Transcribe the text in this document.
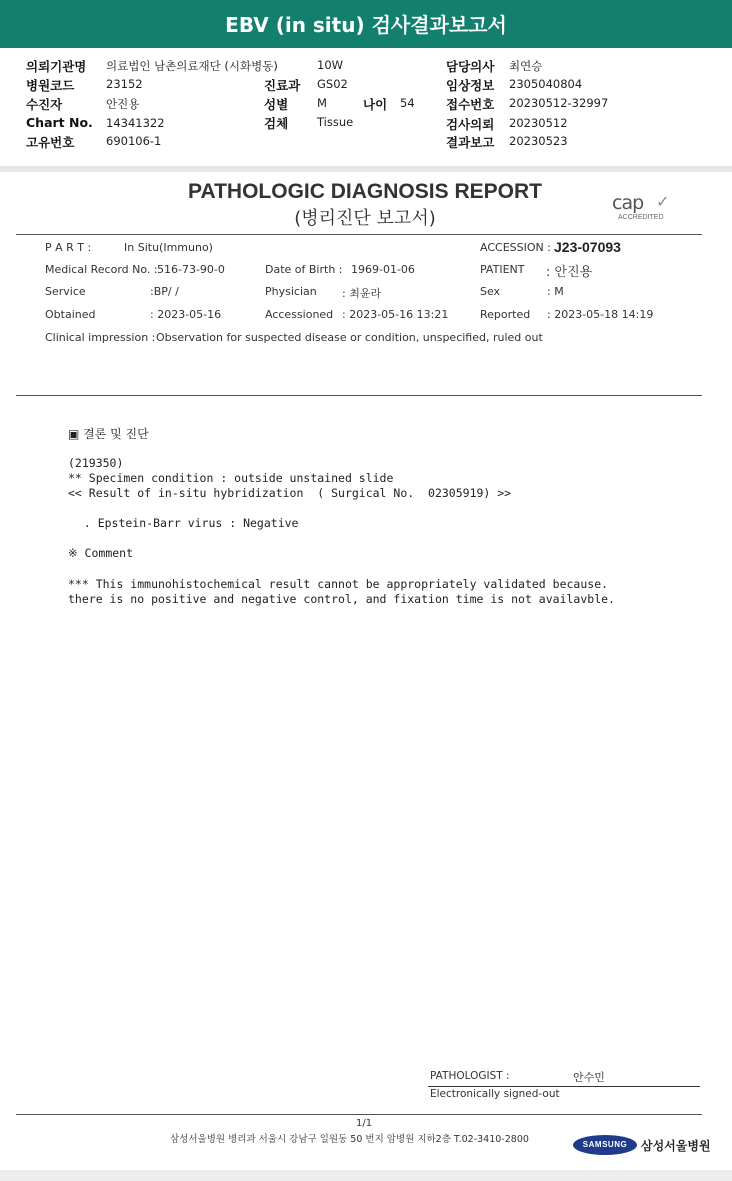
EBV (in situ) 검사결과보고서
의뢰기관명 의료법인 남촌의료재단 (시화병동)	10W	담당의사 최연승
병원코드	23152	진료과 GS02	임상정보 2305040804
수진자	안진용	성별	M	나이 54	접수번호 20230512-32997
Chart No. 14341322	검체	Tissue	검사의뢰 20230512
고유번호	690106-1	결과보고 20230523
PATHOLOGIC DIAGNOSIS REPORT
(병리진단 보고서)
cap ✓
ACCREDITED
P A R T :	In Situ(Immuno)	ACCESSION : J23-07093
Medical Record No. : 516-73-90-0	Date of Birth : 1969-01-06	PATIENT : 안진용
Service	:BP/ /	Physician : 최윤라	Sex	: M
Obtained	: 2023-05-16	Accessioned : 2023-05-16 13:21	Reported : 2023-05-18 14:19
Clinical impression : Observation for suspected disease or condition, unspecified, ruled out
▣ 결론 및 진단
(219350)
** Specimen condition : outside unstained slide
<< Result of in-situ hybridization  ( Surgical No.  02305919) >>
. Epstein-Barr virus : Negative
※ Comment
*** This immunohistochemical result cannot be appropriately validated because.
there is no positive and negative control, and fixation time is not availavble.
PATHOLOGIST :	안수민
Electronically signed-out
1/1
삼성서울병원 병리과 서울시 강남구 일원동 50 번지 암병원 지하2층 T.02-3410-2800	SAMSUNG	삼성서울병원
